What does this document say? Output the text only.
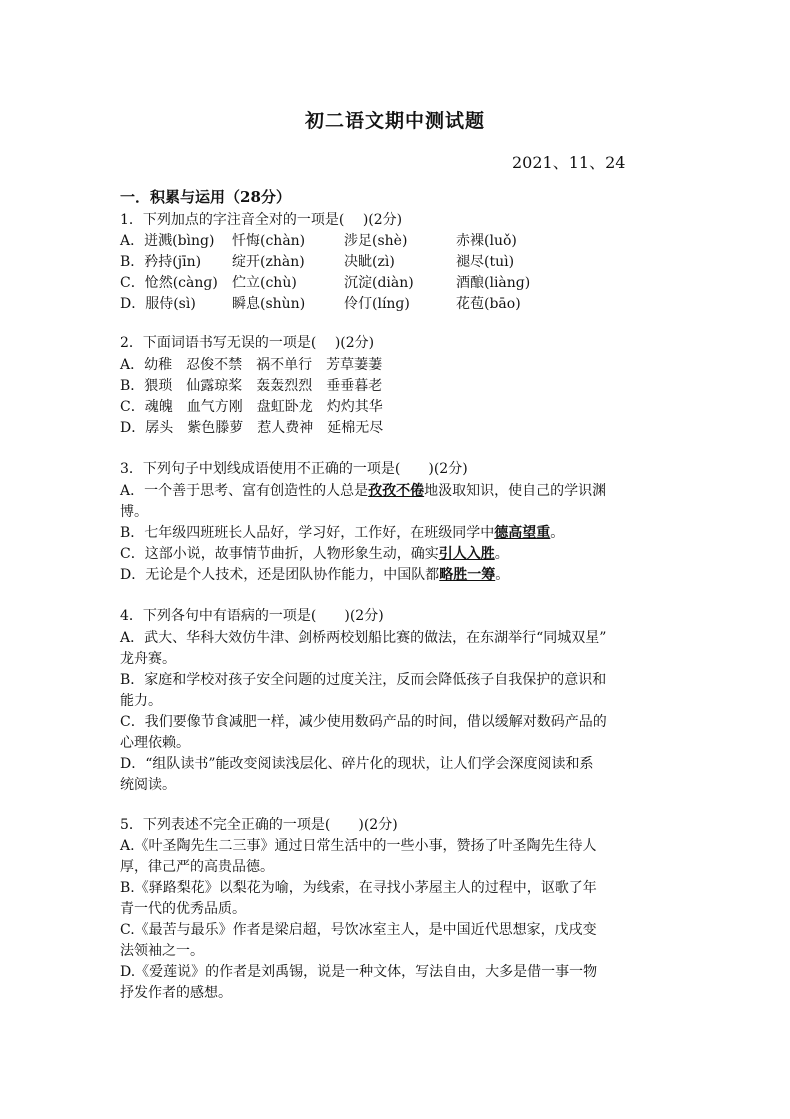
初二语文期中测试题
2021、11、24
一．积累与运用（28分）
1．下列加点的字注音全对的一项是(　 )(2分)
A．迸溅(bìng) 忏悔(chàn)	涉足(shè)	赤裸(luǒ)
B．矜持(jīn) 绽开(zhàn)	决眦(zì)	褪尽(tuì)
C．怆然(cànɡ) 伫立(chù)	沉淀(diàn)	酒酿(liànɡ)
D．服侍(sì)	瞬息(shùn)	伶仃(línɡ)	花苞(bāo)
2．下面词语书写无误的一项是(　 )(2分)
A．幼稚　忍俊不禁　祸不单行　芳草萋萋
B．猥琐　仙露琼桨　轰轰烈烈　垂垂暮老
C．魂魄　血气方刚　盘虹卧龙　灼灼其华
D．孱头　紫色滕萝　惹人费神　延棉无尽
3．下列句子中划线成语使用不正确的一项是(　　)(2分)
A．一个善于思考、富有创造性的人总是孜孜不倦地汲取知识，使自己的学识渊
博。
B．七年级四班班长人品好，学习好，工作好，在班级同学中德高望重。
C．这部小说，故事情节曲折，人物形象生动，确实引人入胜。
D．无论是个人技术，还是团队协作能力，中国队都略胜一筹。
4．下列各句中有语病的一项是(　　)(2分)
A．武大、华科大效仿牛津、剑桥两校划船比赛的做法，在东湖举行“同城双星”
龙舟赛。
B．家庭和学校对孩子安全问题的过度关注，反而会降低孩子自我保护的意识和
能力。
C．我们要像节食减肥一样，减少使用数码产品的时间，借以缓解对数码产品的
心理依赖。
D．“组队读书”能改变阅读浅层化、碎片化的现状，让人们学会深度阅读和系
统阅读。
5．下列表述不完全正确的一项是(　　)(2分)
A.《叶圣陶先生二三事》通过日常生活中的一些小事，赞扬了叶圣陶先生待人
厚，律己严的高贵品德。
B.《驿路梨花》以梨花为喻，为线索，在寻找小茅屋主人的过程中，讴歌了年
青一代的优秀品质。
C.《最苦与最乐》作者是梁启超，号饮冰室主人，是中国近代思想家，戊戌变
法领袖之一。
D.《爱莲说》的作者是刘禹锡，说是一种文体，写法自由，大多是借一事一物
抒发作者的感想。
